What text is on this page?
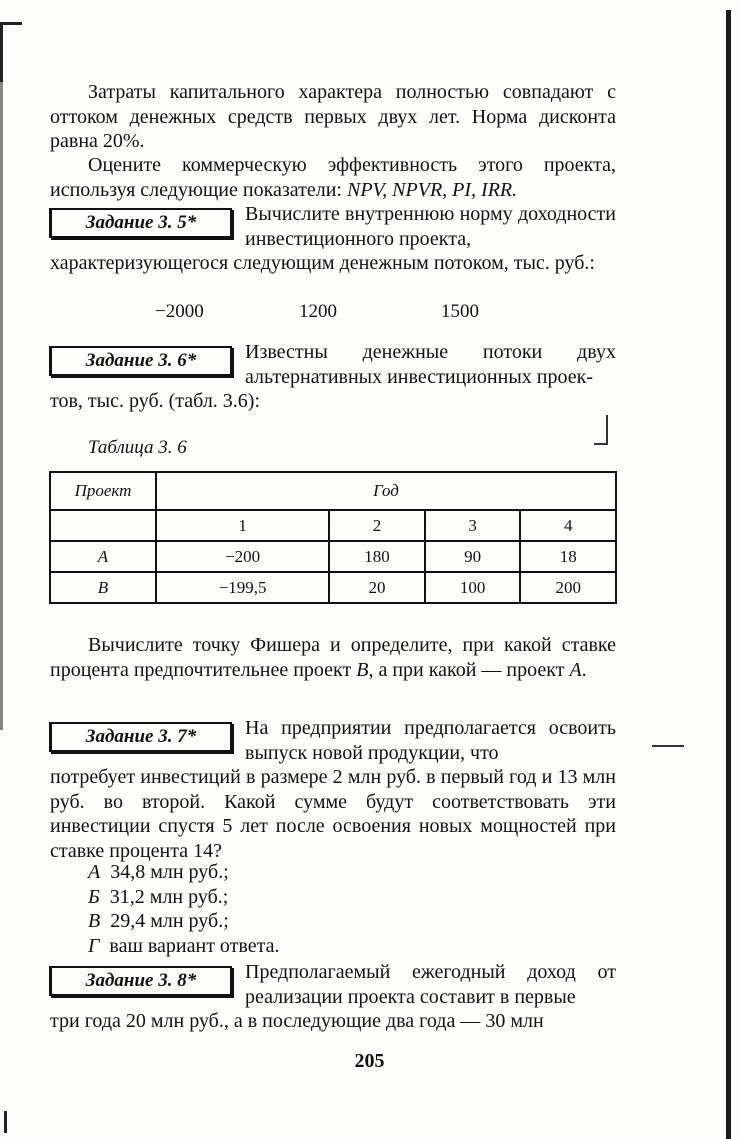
Затраты капитального характера полностью совпадают с оттоком денежных средств первых двух лет. Норма дисконта равна 20%.

Оцените коммерческую эффективность этого проекта, используя следующие показатели: NPV, NPVR, PI, IRR.

Задание 3. 5*	Вычислите внутреннюю норму доходности инвестиционного проекта,

характеризующегося следующим денежным потоком, тыс. руб.:

−2000	1200	1500
Задание 3. 6*	Известны денежные потоки двух альтернативных инвестиционных проек-

тов, тыс. руб. (табл. 3.6):

Таблица 3. 6
Проект	Год			
	1	2	3	4
A	−200	180	90	18
B	−199,5	20	100	200

Вычислите точку Фишера и определите, при какой ставке процента предпочтительнее проект B, а при какой — проект A.

Задание 3. 7*	На предприятии предполагается освоить выпуск новой продукции, что

потребует инвестиций в размере 2 млн руб. в первый год и 13 млн руб. во второй. Какой сумме будут соответствовать эти инвестиции спустя 5 лет после освоения новых мощностей при ставке процента 14?

А 34,8 млн руб.;
Б 31,2 млн руб.;
В 29,4 млн руб.;
Г ваш вариант ответа.
Задание 3. 8*	Предполагаемый ежегодный доход от реализации проекта составит в первые

три года 20 млн руб., а в последующие два года — 30 млн

205
